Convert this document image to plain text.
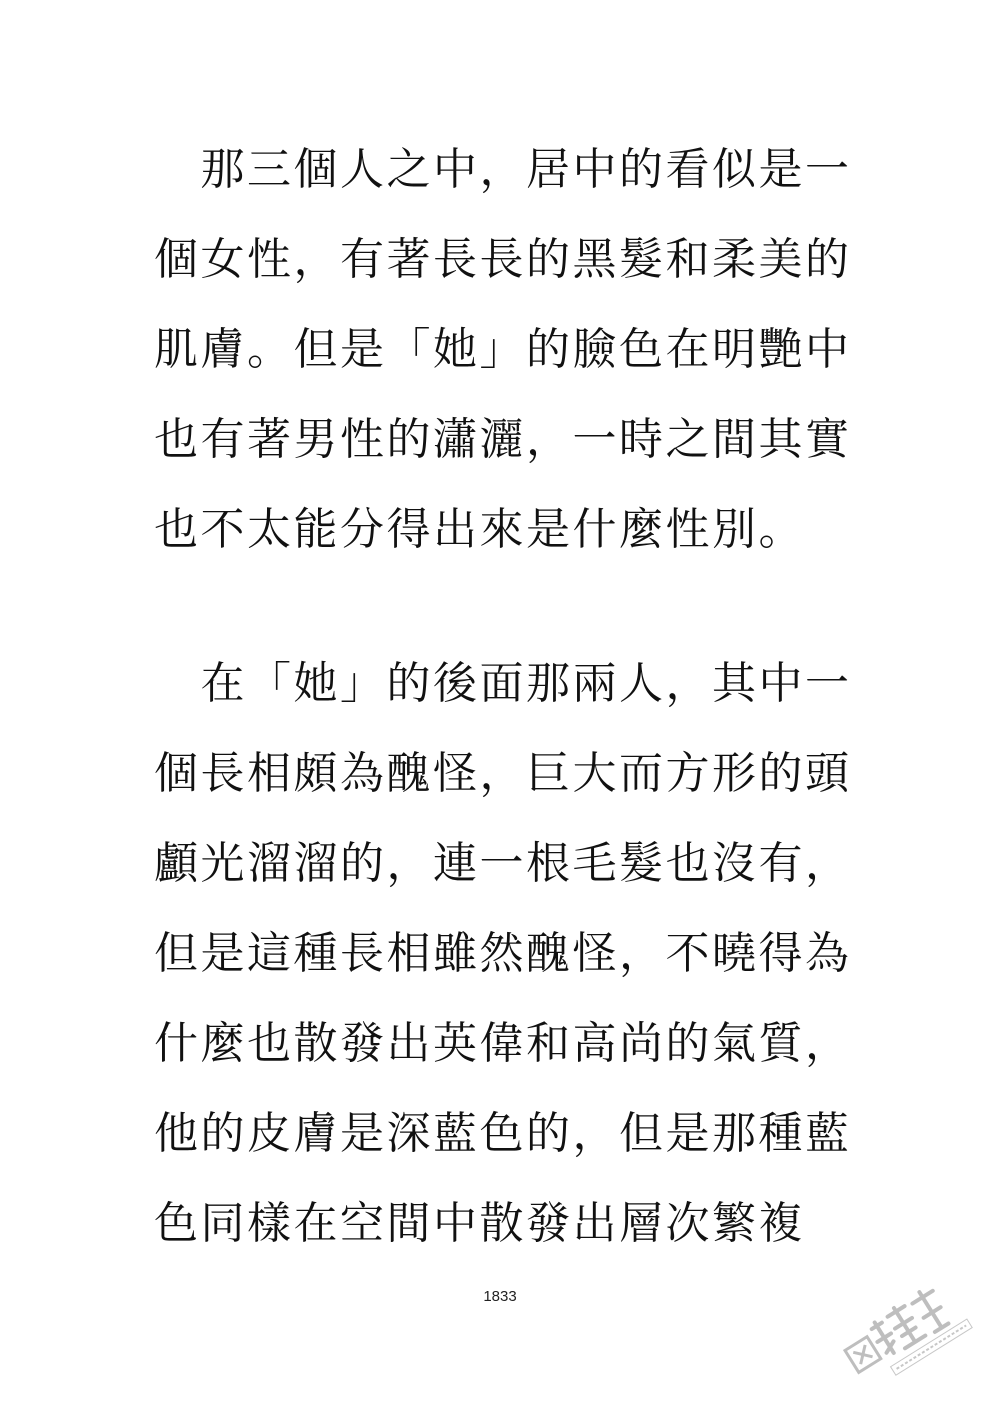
　那三個人之中，居中的看似是一
個女性，有著長長的黑髮和柔美的
肌膚。但是「她」的臉色在明艷中
也有著男性的瀟灑，一時之間其實
也不太能分得出來是什麼性別。
　在「她」的後面那兩人，其中一
個長相頗為醜怪，巨大而方形的頭
顱光溜溜的，連一根毛髮也沒有，
但是這種長相雖然醜怪，不曉得為
什麼也散發出英偉和高尚的氣質，
他的皮膚是深藍色的，但是那種藍
色同樣在空間中散發出層次繁複
1833
